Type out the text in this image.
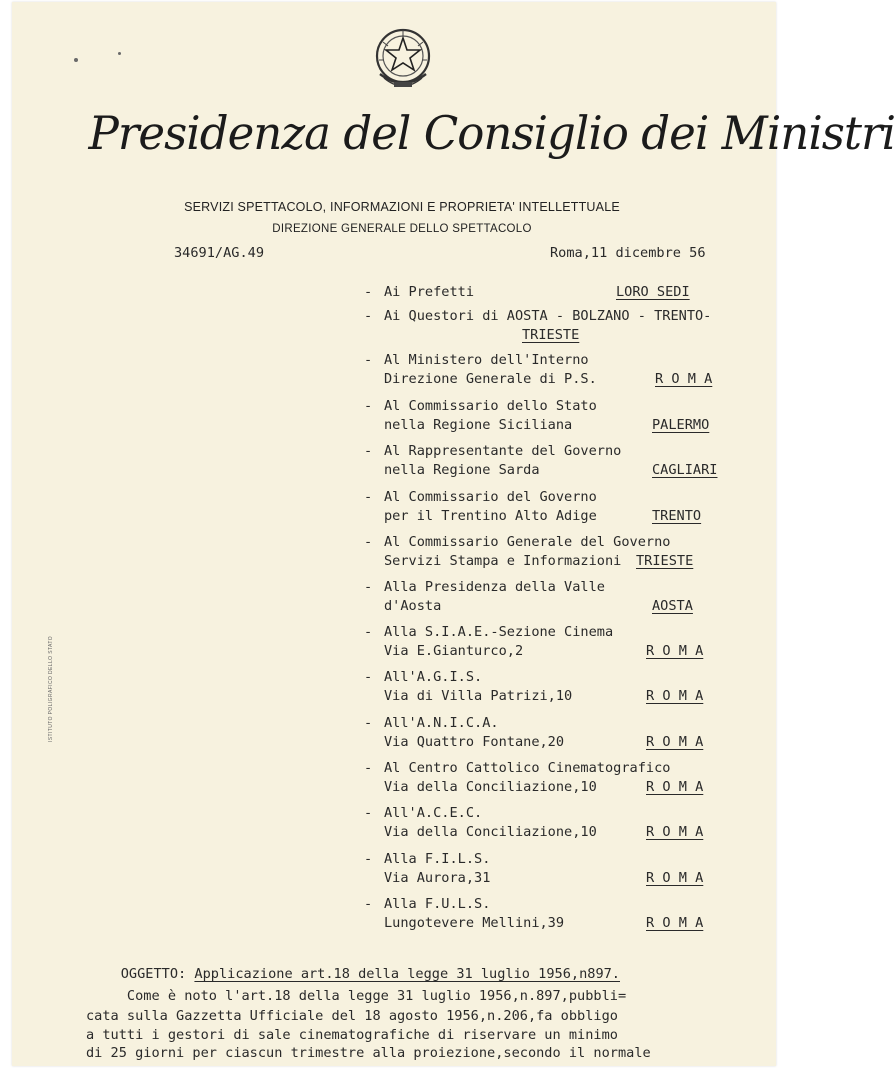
Presidenza del Consiglio dei Ministri
SERVIZI SPETTACOLO, INFORMAZIONI E PROPRIETA' INTELLETTUALE
DIREZIONE GENERALE DELLO SPETTACOLO
34691/AG.49	Roma,11 dicembre 56
- Ai Prefetti	LORO SEDI
- Ai Questori di AOSTA - BOLZANO - TRENTO-
TRIESTE
- Al Ministero dell'Interno
Direzione Generale di P.S.	R O M A
- Al Commissario dello Stato
nella Regione Siciliana	PALERMO
- Al Rappresentante del Governo
nella Regione Sarda	CAGLIARI
- Al Commissario del Governo
per il Trentino Alto Adige	TRENTO
- Al Commissario Generale del Governo
Servizi Stampa e Informazioni TRIESTE
- Alla Presidenza della Valle
d'Aosta	AOSTA
- Alla S.I.A.E.-Sezione Cinema
Via E.Gianturco,2	R O M A
- All'A.G.I.S.
Via di Villa Patrizi,10	R O M A
- All'A.N.I.C.A.
Via Quattro Fontane,20	R O M A
- Al Centro Cattolico Cinematografico
Via della Conciliazione,10	R O M A
- All'A.C.E.C.
Via della Conciliazione,10	R O M A
- Alla F.I.L.S.
Via Aurora,31	R O M A
- Alla F.U.L.S.
Lungotevere Mellini,39	R O M A

OGGETTO: Applicazione art.18 della legge 31 luglio 1956,n897.

Come è noto l'art.18 della legge 31 luglio 1956,n.897,pubbli=
cata sulla Gazzetta Ufficiale del 18 agosto 1956,n.206,fa obbligo
a tutti i gestori di sale cinematografiche di riservare un minimo
di 25 giorni per ciascun trimestre alla proiezione,secondo il normale
ISTITUTO POLIGRAFICO DELLO STATO
